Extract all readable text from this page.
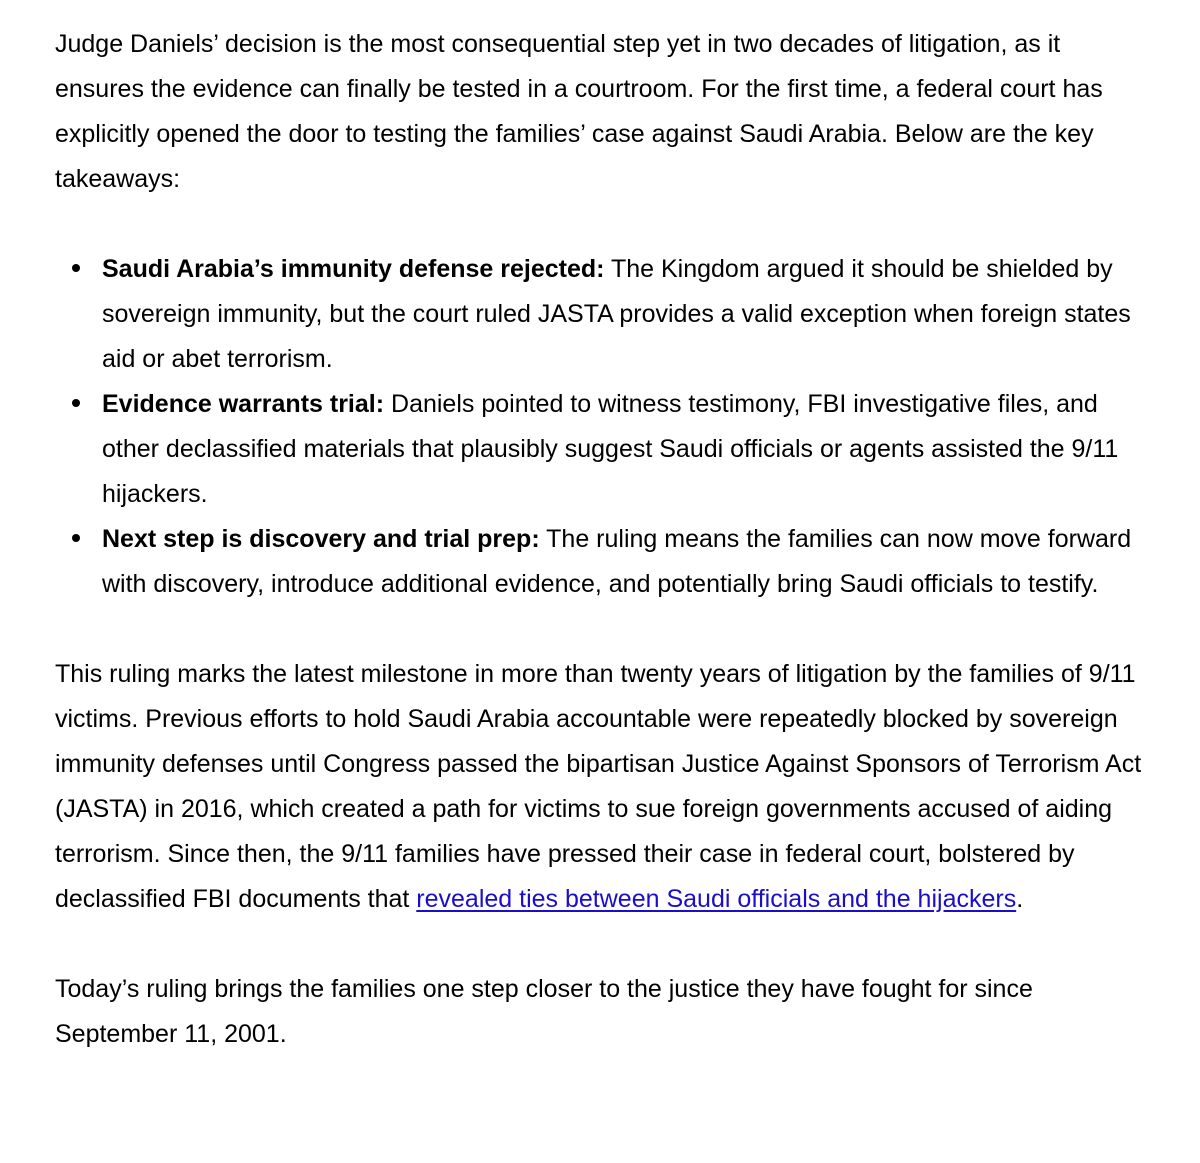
Judge Daniels’ decision is the most consequential step yet in two decades of litigation, as it ensures the evidence can finally be tested in a courtroom. For the first time, a federal court has explicitly opened the door to testing the families’ case against Saudi Arabia. Below are the key takeaways:

Saudi Arabia’s immunity defense rejected: The Kingdom argued it should be shielded by sovereign immunity, but the court ruled JASTA provides a valid exception when foreign states aid or abet terrorism.
Evidence warrants trial: Daniels pointed to witness testimony, FBI investigative files, and other declassified materials that plausibly suggest Saudi officials or agents assisted the 9/11 hijackers.
Next step is discovery and trial prep: The ruling means the families can now move forward with discovery, introduce additional evidence, and potentially bring Saudi officials to testify.

This ruling marks the latest milestone in more than twenty years of litigation by the families of 9/11 victims. Previous efforts to hold Saudi Arabia accountable were repeatedly blocked by sovereign immunity defenses until Congress passed the bipartisan Justice Against Sponsors of Terrorism Act (JASTA) in 2016, which created a path for victims to sue foreign governments accused of aiding terrorism. Since then, the 9/11 families have pressed their case in federal court, bolstered by declassified FBI documents that revealed ties between Saudi officials and the hijackers.

Today’s ruling brings the families one step closer to the justice they have fought for since September 11, 2001.
